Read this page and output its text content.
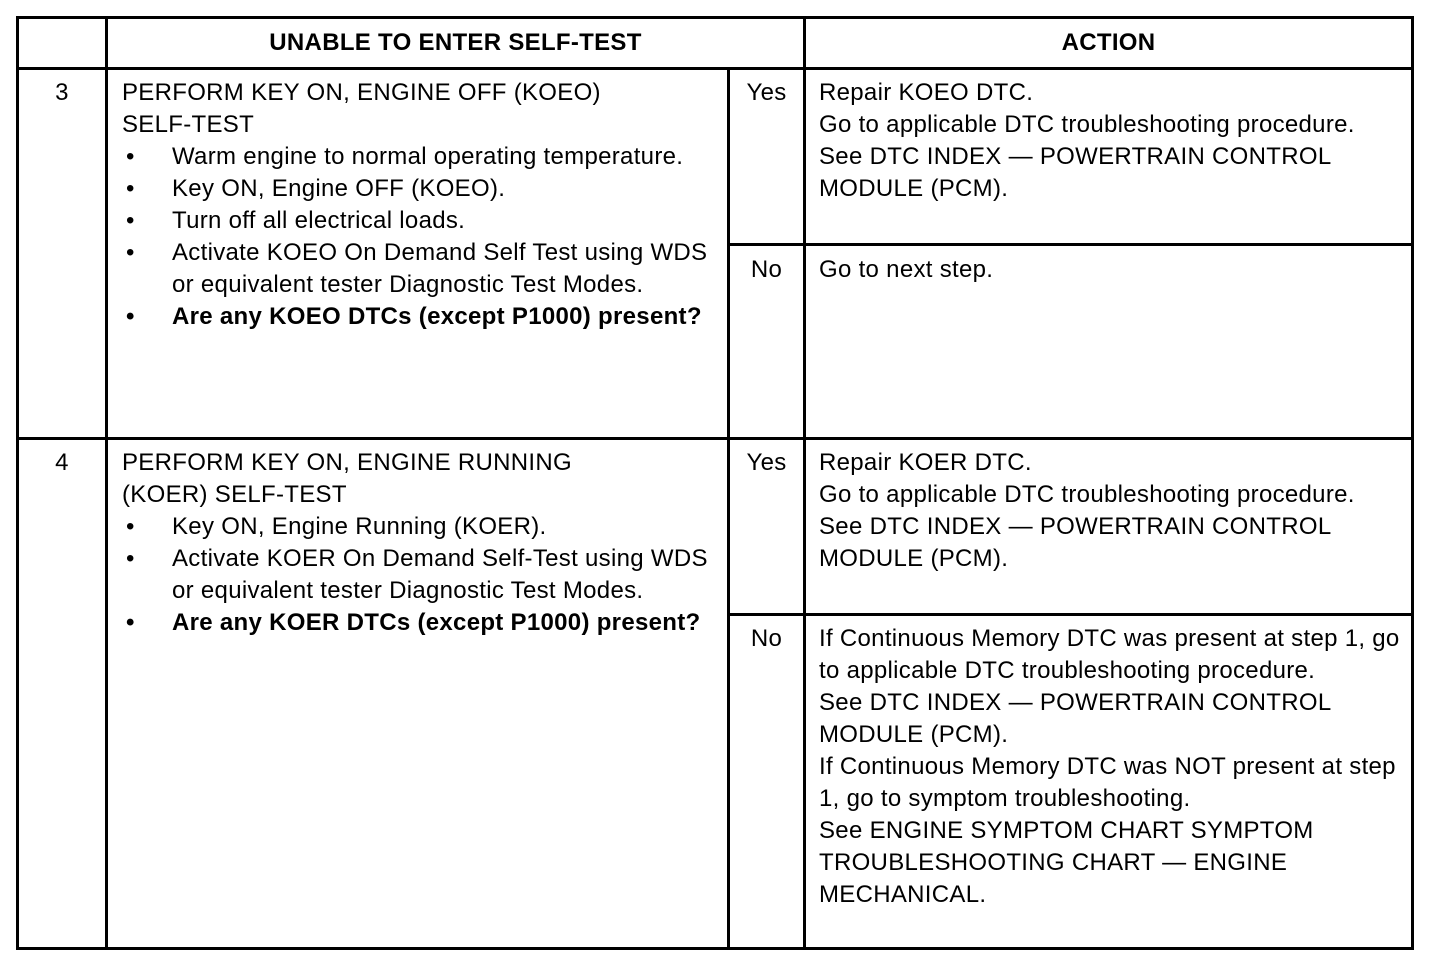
UNABLE TO ENTER SELF-TEST	ACTION
3	PERFORM KEY ON, ENGINE OFF (KOEO)
SELF-TEST
• Warm engine to normal operating temperature.
• Key ON, Engine OFF (KOEO).
• Turn off all electrical loads.
• Activate KOEO On Demand Self Test using WDS or equivalent tester Diagnostic Test Modes.
• Are any KOEO DTCs (except P1000) present?
Yes	Repair KOEO DTC.
Go to applicable DTC troubleshooting procedure.
See DTC INDEX — POWERTRAIN CONTROL MODULE (PCM).
No	Go to next step.
4	PERFORM KEY ON, ENGINE RUNNING
(KOER) SELF-TEST
• Key ON, Engine Running (KOER).
• Activate KOER On Demand Self-Test using WDS or equivalent tester Diagnostic Test Modes.
• Are any KOER DTCs (except P1000) present?
Yes	Repair KOER DTC.
Go to applicable DTC troubleshooting procedure.
See DTC INDEX — POWERTRAIN CONTROL MODULE (PCM).
No	If Continuous Memory DTC was present at step 1, go to applicable DTC troubleshooting procedure.
See DTC INDEX — POWERTRAIN CONTROL MODULE (PCM).
If Continuous Memory DTC was NOT present at step 1, go to symptom troubleshooting.
See ENGINE SYMPTOM CHART SYMPTOM TROUBLESHOOTING CHART — ENGINE MECHANICAL.
